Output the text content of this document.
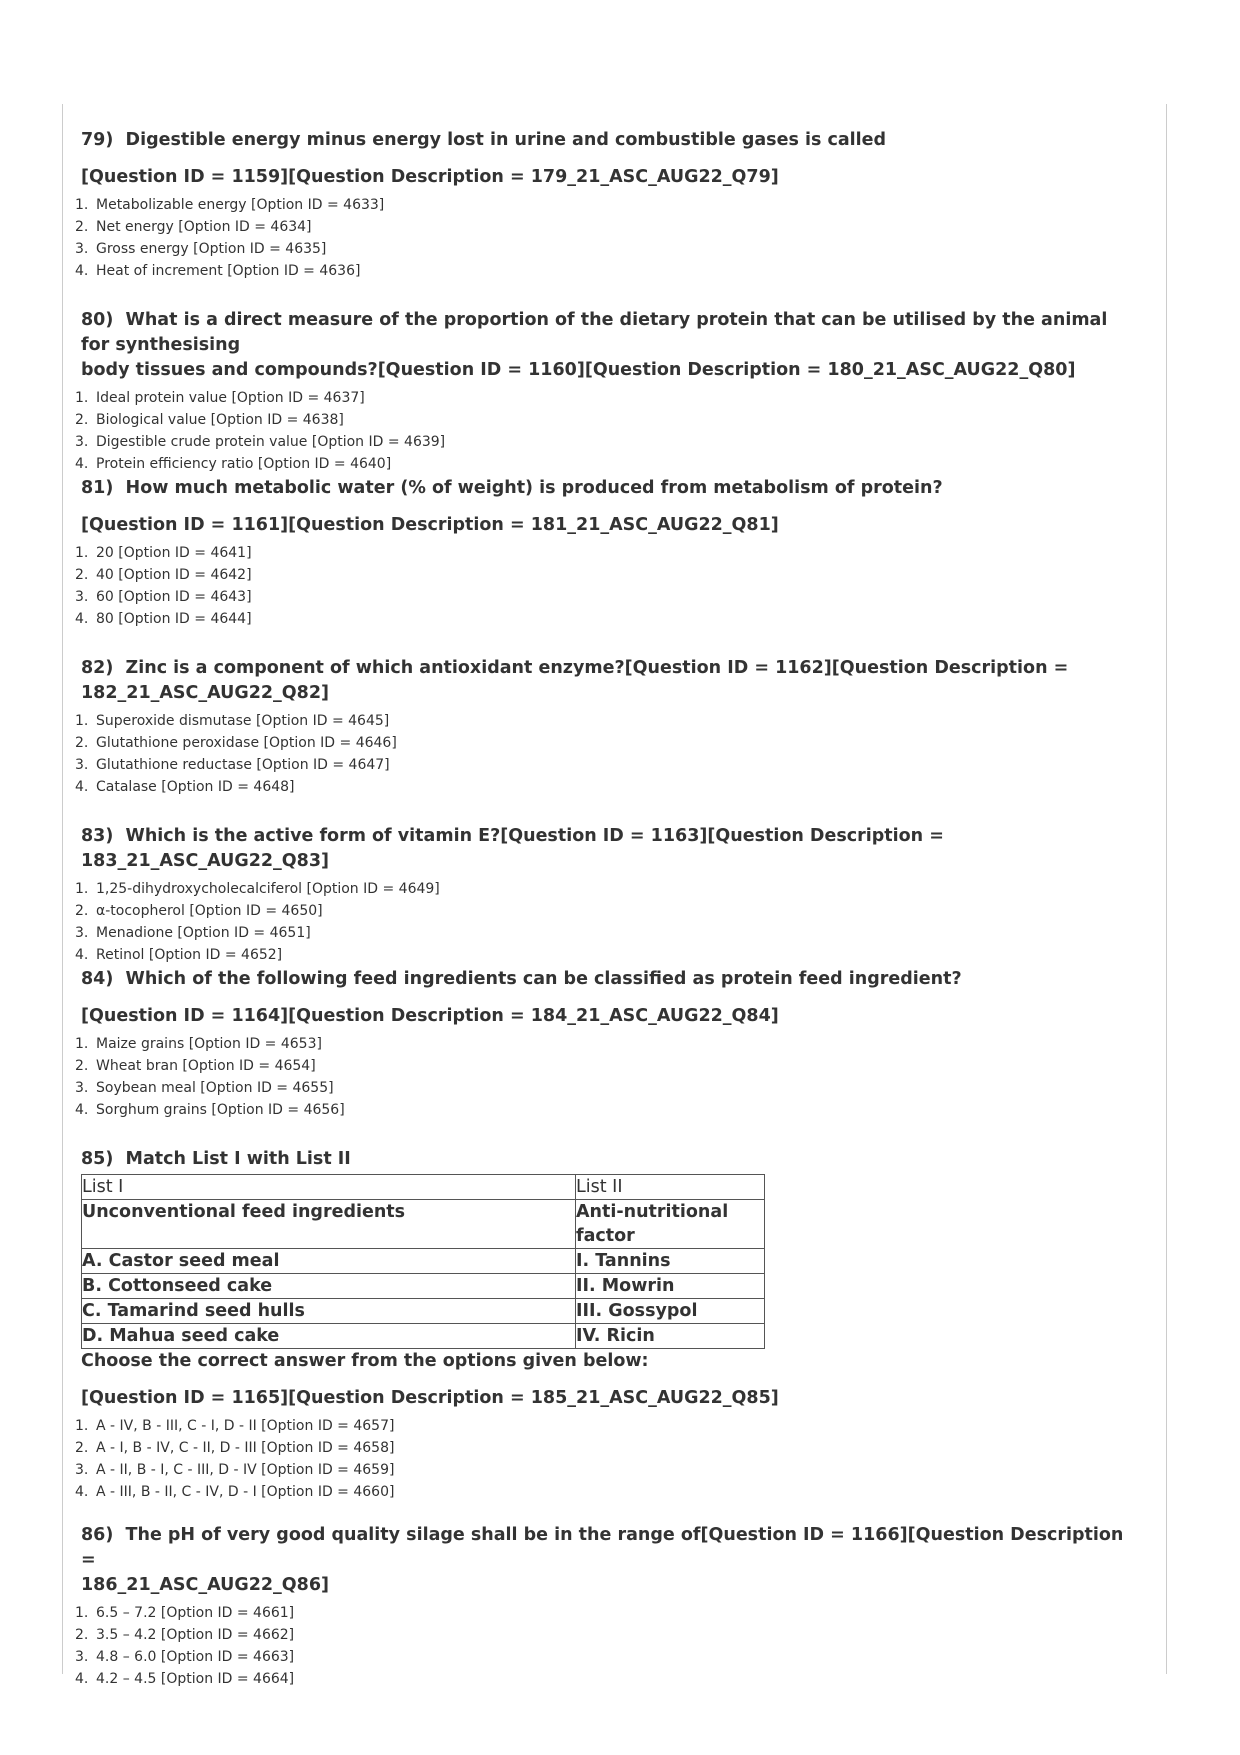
79) Digestible energy minus energy lost in urine and combustible gases is called

[Question ID = 1159][Question Description = 179_21_ASC_AUG22_Q79]

1. Metabolizable energy [Option ID = 4633]
2. Net energy [Option ID = 4634]
3. Gross energy [Option ID = 4635]
4. Heat of increment [Option ID = 4636]

80) What is a direct measure of the proportion of the dietary protein that can be utilised by the animal for synthesising

body tissues and compounds?[Question ID = 1160][Question Description = 180_21_ASC_AUG22_Q80]

1. Ideal protein value [Option ID = 4637]
2. Biological value [Option ID = 4638]
3. Digestible crude protein value [Option ID = 4639]
4. Protein efficiency ratio [Option ID = 4640]

81) How much metabolic water (% of weight) is produced from metabolism of protein?

[Question ID = 1161][Question Description = 181_21_ASC_AUG22_Q81]

1. 20 [Option ID = 4641]
2. 40 [Option ID = 4642]
3. 60 [Option ID = 4643]
4. 80 [Option ID = 4644]

82) Zinc is a component of which antioxidant enzyme?[Question ID = 1162][Question Description =

182_21_ASC_AUG22_Q82]

1. Superoxide dismutase [Option ID = 4645]
2. Glutathione peroxidase [Option ID = 4646]
3. Glutathione reductase [Option ID = 4647]
4. Catalase [Option ID = 4648]

83) Which is the active form of vitamin E?[Question ID = 1163][Question Description = 183_21_ASC_AUG22_Q83]

1. 1,25-dihydroxycholecalciferol [Option ID = 4649]
2. α-tocopherol [Option ID = 4650]
3. Menadione [Option ID = 4651]
4. Retinol [Option ID = 4652]

84) Which of the following feed ingredients can be classified as protein feed ingredient?

[Question ID = 1164][Question Description = 184_21_ASC_AUG22_Q84]

1. Maize grains [Option ID = 4653]
2. Wheat bran [Option ID = 4654]
3. Soybean meal [Option ID = 4655]
4. Sorghum grains [Option ID = 4656]

85) Match List I with List II

List I	List II
Unconventional feed ingredients	Anti-nutritional factor
A. Castor seed meal	I. Tannins
B. Cottonseed cake	II. Mowrin
C. Tamarind seed hulls	III. Gossypol
D. Mahua seed cake	IV. Ricin

Choose the correct answer from the options given below:

[Question ID = 1165][Question Description = 185_21_ASC_AUG22_Q85]

1. A - IV, B - III, C - I, D - II [Option ID = 4657]
2. A - I, B - IV, C - II, D - III [Option ID = 4658]
3. A - II, B - I, C - III, D - IV [Option ID = 4659]
4. A - III, B - II, C - IV, D - I [Option ID = 4660]

86) The pH of very good quality silage shall be in the range of[Question ID = 1166][Question Description =

186_21_ASC_AUG22_Q86]

1. 6.5 – 7.2 [Option ID = 4661]
2. 3.5 – 4.2 [Option ID = 4662]
3. 4.8 – 6.0 [Option ID = 4663]
4. 4.2 – 4.5 [Option ID = 4664]
